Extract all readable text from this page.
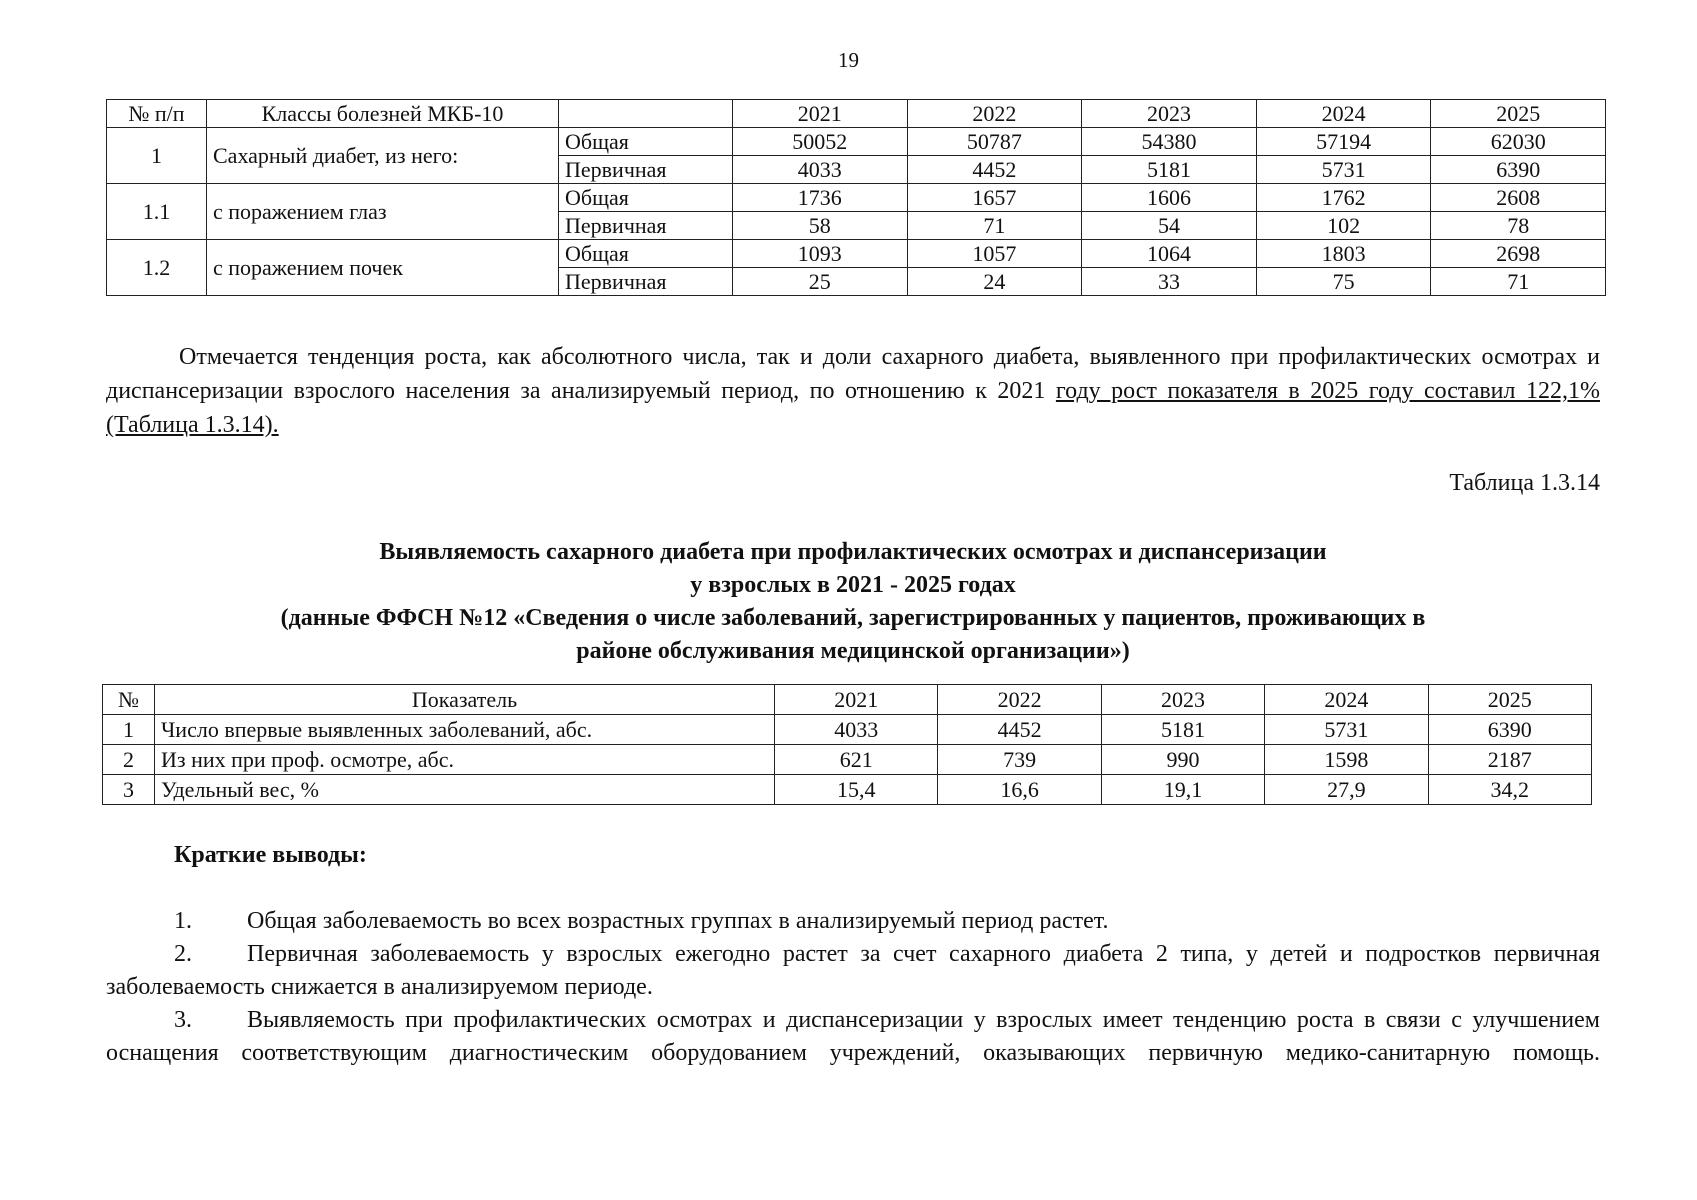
19
№ п/п	Классы болезней МКБ-10		2021	2022	2023	2024	2025
1	Сахарный диабет, из него:	Общая	50052	50787	54380	57194	62030
		Первичная	4033	4452	5181	5731	6390
1.1	с поражением глаз	Общая	1736	1657	1606	1762	2608
		Первичная	58	71	54	102	78
1.2	с поражением почек	Общая	1093	1057	1064	1803	2698
		Первичная	25	24	33	75	71

Отмечается тенденция роста, как абсолютного числа, так и доли сахарного диабета, выявленного при профилактических осмотрах и диспансеризации взрослого населения за анализируемый период, по отношению к 2021 году рост показателя в 2025 году составил 122,1% (Таблица 1.3.14).

Таблица 1.3.14
Выявляемость сахарного диабета при профилактических осмотрах и диспансеризации
у взрослых в 2021 - 2025 годах
(данные ФФСН №12 «Сведения о числе заболеваний, зарегистрированных у пациентов, проживающих в
районе обслуживания медицинской организации»)
№	Показатель	2021	2022	2023	2024	2025
1	Число впервые выявленных заболеваний, абс.	4033	4452	5181	5731	6390
2	Из них при проф. осмотре, абс.	621	739	990	1598	2187
3	Удельный вес, %	15,4	16,6	19,1	27,9	34,2
Краткие выводы:

1. Общая заболеваемость во всех возрастных группах в анализируемый период растет.

2. Первичная заболеваемость у взрослых ежегодно растет за счет сахарного диабета 2 типа, у детей и подростков первичная заболеваемость снижается в анализируемом периоде.

3. Выявляемость при профилактических осмотрах и диспансеризации у взрослых имеет тенденцию роста в связи с улучшением оснащения соответствующим диагностическим оборудованием учреждений, оказывающих первичную медико-санитарную помощь.
